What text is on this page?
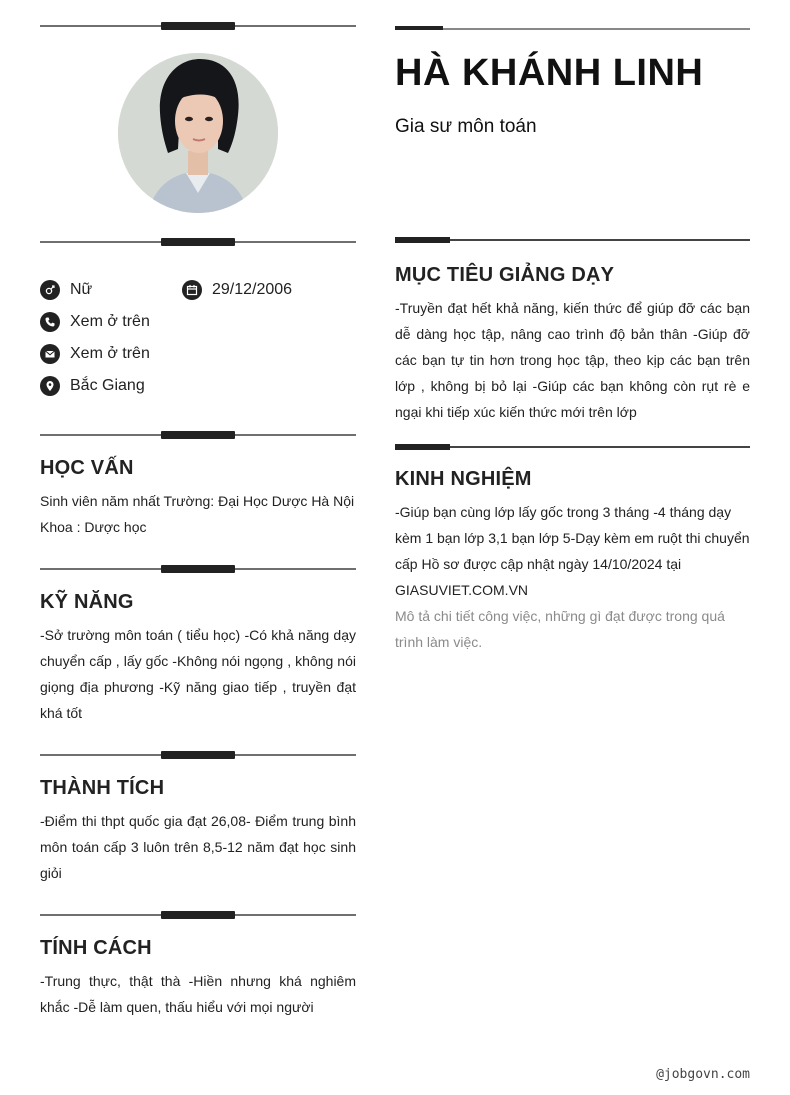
Nữ	29/12/2006
Xem ở trên
Xem ở trên
Bắc Giang
HỌC VẤN
Sinh viên năm nhất Trường: Đại Học Dược Hà Nội Khoa : Dược học
KỸ NĂNG
-Sở trường môn toán ( tiểu học) -Có khả năng dạy chuyển cấp , lấy gốc -Không nói ngọng , không nói giọng địa phương -Kỹ năng giao tiếp , truyền đạt khá tốt
THÀNH TÍCH
-Điểm thi thpt quốc gia đạt 26,08- Điểm trung bình môn toán cấp 3 luôn trên 8,5-12 năm đạt học sinh giỏi
TÍNH CÁCH
-Trung thực, thật thà -Hiền nhưng khá nghiêm khắc -Dễ làm quen, thấu hiểu với mọi người
HÀ KHÁNH LINH
Gia sư môn toán
MỤC TIÊU GIẢNG DẠY
-Truyền đạt hết khả năng, kiến thức để giúp đỡ các bạn dễ dàng học tập, nâng cao trình độ bản thân -Giúp đỡ các bạn tự tin hơn trong học tập, theo kịp các bạn trên lớp , không bị bỏ lại -Giúp các bạn không còn rụt rè e ngại khi tiếp xúc kiến thức mới trên lớp
KINH NGHIỆM
-Giúp bạn cùng lớp lấy gốc trong 3 tháng -4 tháng dạy kèm 1 bạn lớp 3,1 bạn lớp 5-Dạy kèm em ruột thi chuyển cấp Hồ sơ được cập nhật ngày 14/10/2024 tại GIASUVIET.COM.VN
Mô tả chi tiết công việc, những gì đạt được trong quá trình làm việc.
@jobgovn.com
